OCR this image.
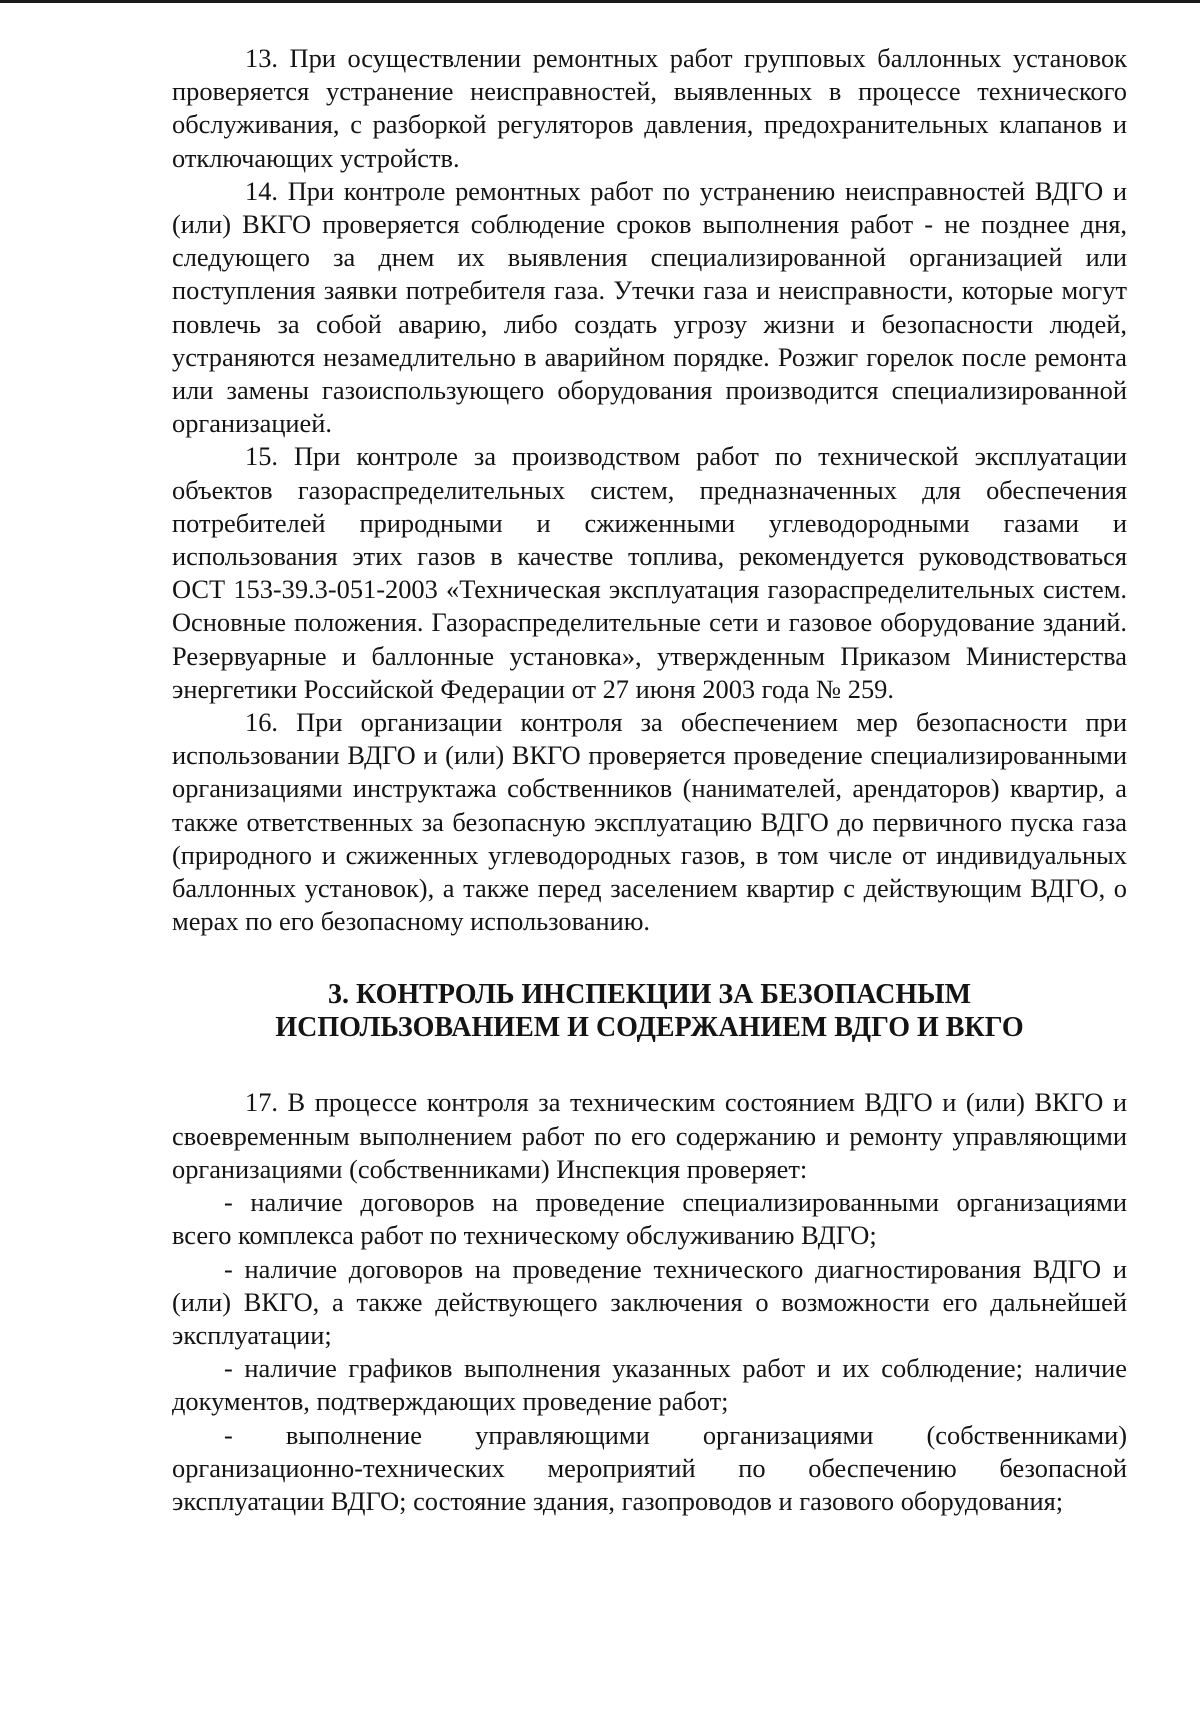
13. При осуществлении ремонтных работ групповых баллонных установок проверяется устранение неисправностей, выявленных в процессе технического обслуживания, с разборкой регуляторов давления, предохранительных клапанов и отключающих устройств.

14. При контроле ремонтных работ по устранению неисправностей ВДГО и (или) ВКГО проверяется соблюдение сроков выполнения работ - не позднее дня, следующего за днем их выявления специализированной организацией или поступления заявки потребителя газа. Утечки газа и неисправности, которые могут повлечь за собой аварию, либо создать угрозу жизни и безопасности людей, устраняются незамедлительно в аварийном порядке. Розжиг горелок после ремонта или замены газоиспользующего оборудования производится специализированной организацией.

15. При контроле за производством работ по технической эксплуатации объектов газораспределительных систем, предназначенных для обеспечения потребителей природными и сжиженными углеводородными газами и использования этих газов в качестве топлива, рекомендуется руководствоваться ОСТ 153-39.3-051-2003 «Техническая эксплуатация газораспределительных систем. Основные положения. Газораспределительные сети и газовое оборудование зданий. Резервуарные и баллонные установка», утвержденным Приказом Министерства энергетики Российской Федерации от 27 июня 2003 года № 259.

16. При организации контроля за обеспечением мер безопасности при использовании ВДГО и (или) ВКГО проверяется проведение специализированными организациями инструктажа собственников (нанимателей, арендаторов) квартир, а также ответственных за безопасную эксплуатацию ВДГО до первичного пуска газа (природного и сжиженных углеводородных газов, в том числе от индивидуальных баллонных установок), а также перед заселением квартир с действующим ВДГО, о мерах по его безопасному использованию.

3. КОНТРОЛЬ ИНСПЕКЦИИ ЗА БЕЗОПАСНЫМ

ИСПОЛЬЗОВАНИЕМ И СОДЕРЖАНИЕМ ВДГО И ВКГО

17. В процессе контроля за техническим состоянием ВДГО и (или) ВКГО и своевременным выполнением работ по его содержанию и ремонту управляющими организациями (собственниками) Инспекция проверяет:

- наличие договоров на проведение специализированными организациями всего комплекса работ по техническому обслуживанию ВДГО;

- наличие договоров на проведение технического диагностирования ВДГО и (или) ВКГО, а также действующего заключения о возможности его дальнейшей эксплуатации;

- наличие графиков выполнения указанных работ и их соблюдение; наличие документов, подтверждающих проведение работ;

- выполнение управляющими организациями (собственниками) организационно-технических мероприятий по обеспечению безопасной эксплуатации ВДГО; состояние здания, газопроводов и газового оборудования;
